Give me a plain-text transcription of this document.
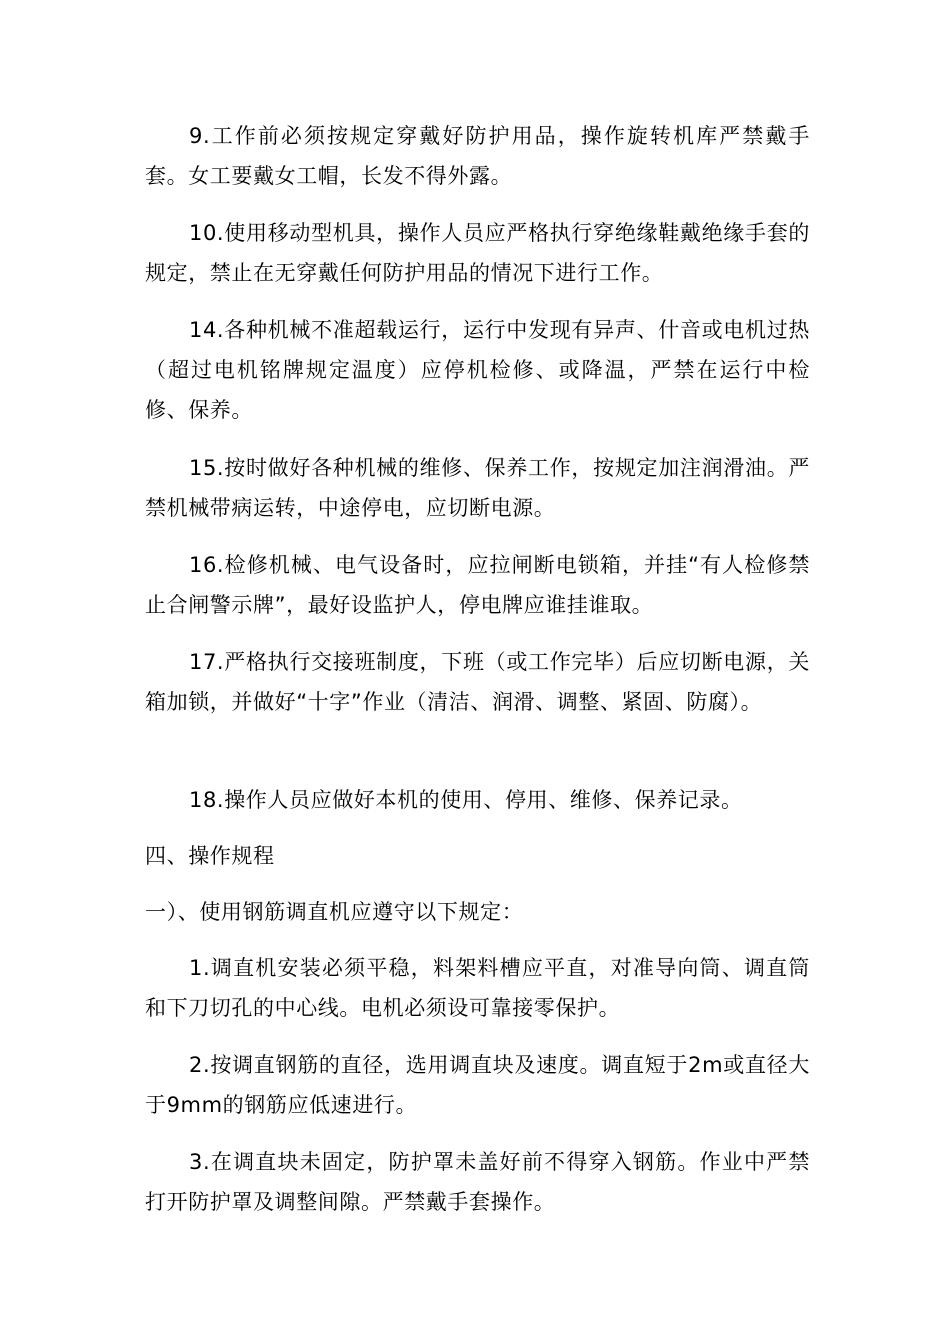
9.工作前必须按规定穿戴好防护用品，操作旋转机库严禁戴手套。女工要戴女工帽，长发不得外露。

10.使用移动型机具，操作人员应严格执行穿绝缘鞋戴绝缘手套的规定，禁止在无穿戴任何防护用品的情况下进行工作。

14.各种机械不准超载运行，运行中发现有异声、什音或电机过热（超过电机铭牌规定温度）应停机检修、或降温，严禁在运行中检修、保养。

15.按时做好各种机械的维修、保养工作，按规定加注润滑油。严禁机械带病运转，中途停电，应切断电源。

16.检修机械、电气设备时，应拉闸断电锁箱，并挂“有人检修禁止合闸警示牌”，最好设监护人，停电牌应谁挂谁取。

17.严格执行交接班制度，下班（或工作完毕）后应切断电源，关箱加锁，并做好“十字”作业（清洁、润滑、调整、紧固、防腐）。

18.操作人员应做好本机的使用、停用、维修、保养记录。

四、操作规程

一）、使用钢筋调直机应遵守以下规定：

1.调直机安装必须平稳，料架料槽应平直，对准导向筒、调直筒和下刀切孔的中心线。电机必须设可靠接零保护。

2.按调直钢筋的直径，选用调直块及速度。调直短于2m或直径大于9mm的钢筋应低速进行。

3.在调直块未固定，防护罩未盖好前不得穿入钢筋。作业中严禁打开防护罩及调整间隙。严禁戴手套操作。
